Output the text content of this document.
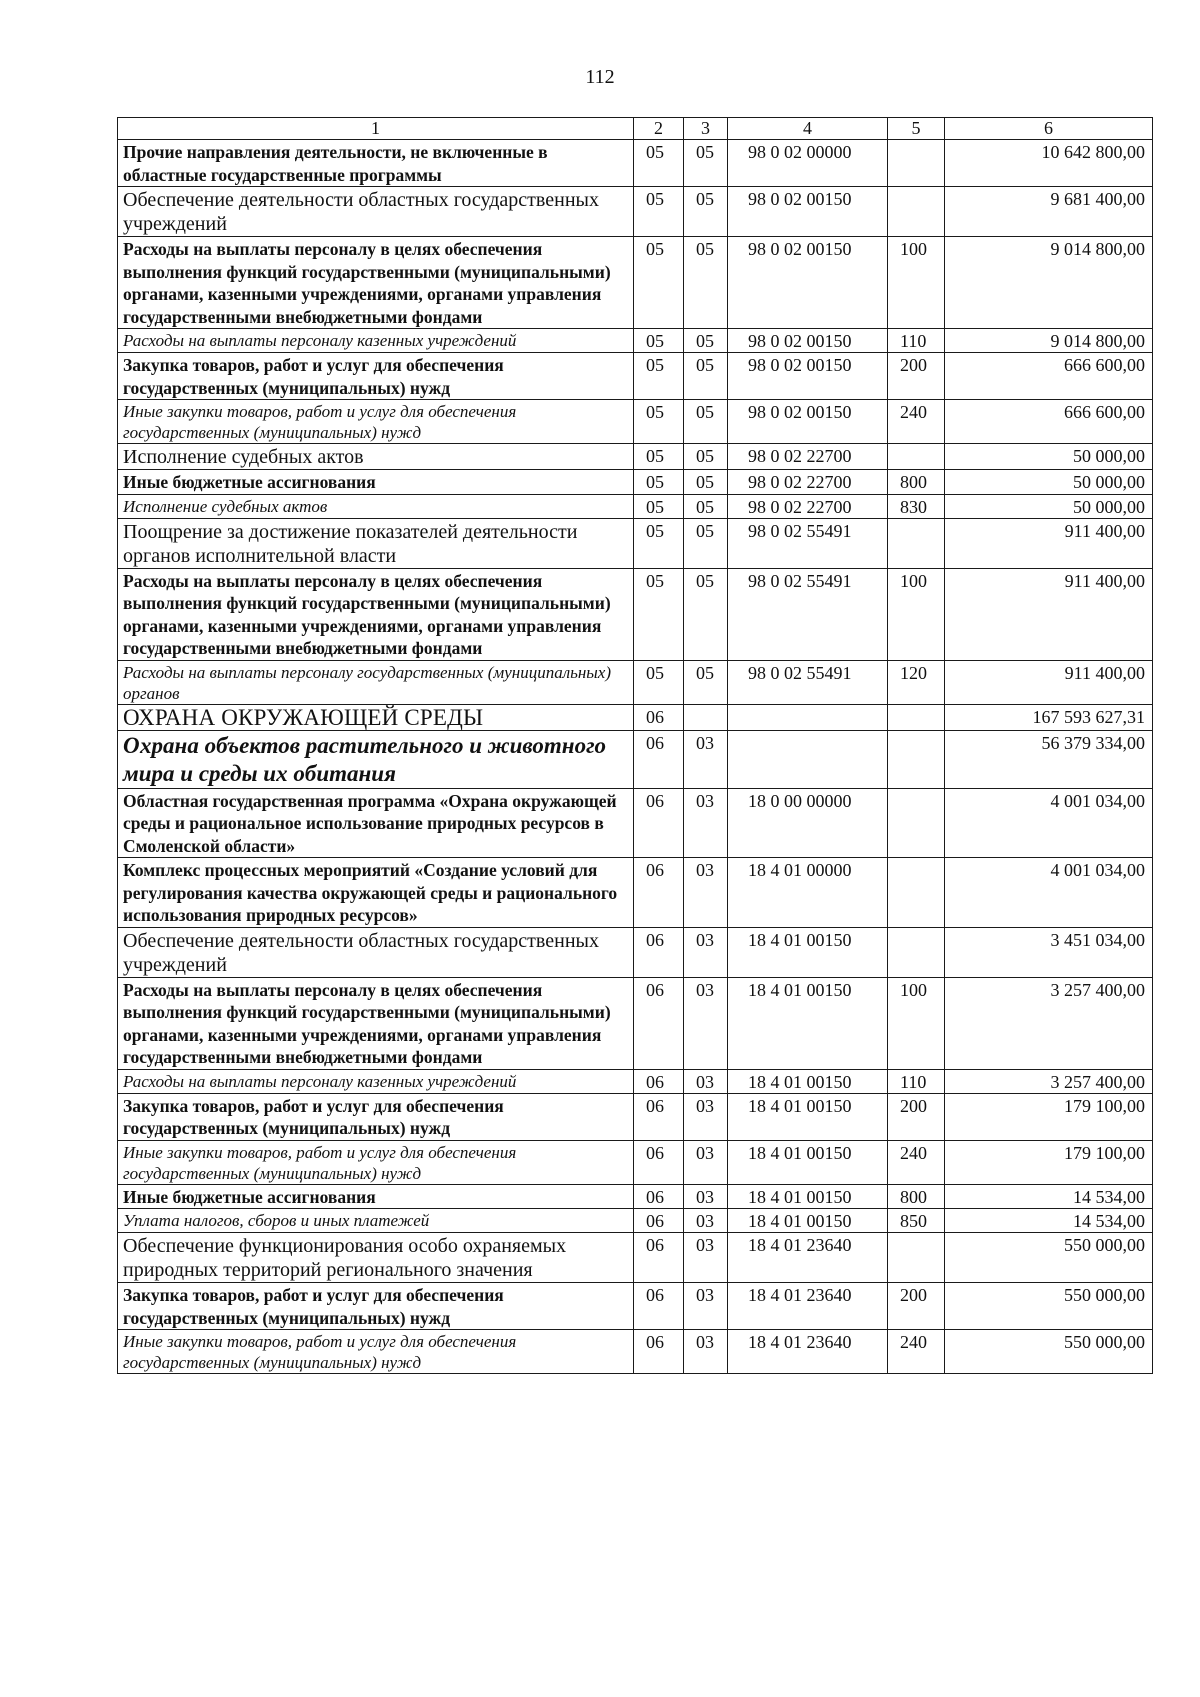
112
1	2	3	4	5	6

Прочие направления деятельности, не включенные в областные государственные программы	05	05	98 0 02 00000		10 642 800,00

Обеспечение деятельности областных государственных учреждений	05	05	98 0 02 00150		9 681 400,00

Расходы на выплаты персоналу в целях обеспечения выполнения функций государственными (муниципальными) органами, казенными учреждениями, органами управления государственными внебюджетными фондами	05	05	98 0 02 00150	100	9 014 800,00

Расходы на выплаты персоналу казенных учреждений	05	05	98 0 02 00150	110	9 014 800,00

Закупка товаров, работ и услуг для обеспечения государственных (муниципальных) нужд	05	05	98 0 02 00150	200	666 600,00

Иные закупки товаров, работ и услуг для обеспечения государственных (муниципальных) нужд	05	05	98 0 02 00150	240	666 600,00

Исполнение судебных актов	05	05	98 0 02 22700		50 000,00

Иные бюджетные ассигнования	05	05	98 0 02 22700	800	50 000,00

Исполнение судебных актов	05	05	98 0 02 22700	830	50 000,00

Поощрение за достижение показателей деятельности органов исполнительной власти	05	05	98 0 02 55491		911 400,00

Расходы на выплаты персоналу в целях обеспечения выполнения функций государственными (муниципальными) органами, казенными учреждениями, органами управления государственными внебюджетными фондами	05	05	98 0 02 55491	100	911 400,00

Расходы на выплаты персоналу государственных (муниципальных) органов	05	05	98 0 02 55491	120	911 400,00

ОХРАНА ОКРУЖАЮЩЕЙ СРЕДЫ	06				167 593 627,31

Охрана объектов растительного и животного мира и среды их обитания	06	03			56 379 334,00

Областная государственная программа «Охрана окружающей среды и рациональное использование природных ресурсов в Смоленской области»	06	03	18 0 00 00000		4 001 034,00

Комплекс процессных мероприятий «Создание условий для регулирования качества окружающей среды и рационального использования природных ресурсов»	06	03	18 4 01 00000		4 001 034,00

Обеспечение деятельности областных государственных учреждений	06	03	18 4 01 00150		3 451 034,00

Расходы на выплаты персоналу в целях обеспечения выполнения функций государственными (муниципальными) органами, казенными учреждениями, органами управления государственными внебюджетными фондами	06	03	18 4 01 00150	100	3 257 400,00

Расходы на выплаты персоналу казенных учреждений	06	03	18 4 01 00150	110	3 257 400,00

Закупка товаров, работ и услуг для обеспечения государственных (муниципальных) нужд	06	03	18 4 01 00150	200	179 100,00

Иные закупки товаров, работ и услуг для обеспечения государственных (муниципальных) нужд	06	03	18 4 01 00150	240	179 100,00

Иные бюджетные ассигнования	06	03	18 4 01 00150	800	14 534,00

Уплата налогов, сборов и иных платежей	06	03	18 4 01 00150	850	14 534,00

Обеспечение функционирования особо охраняемых природных территорий регионального значения	06	03	18 4 01 23640		550 000,00

Закупка товаров, работ и услуг для обеспечения государственных (муниципальных) нужд	06	03	18 4 01 23640	200	550 000,00

Иные закупки товаров, работ и услуг для обеспечения государственных (муниципальных) нужд	06	03	18 4 01 23640	240	550 000,00
